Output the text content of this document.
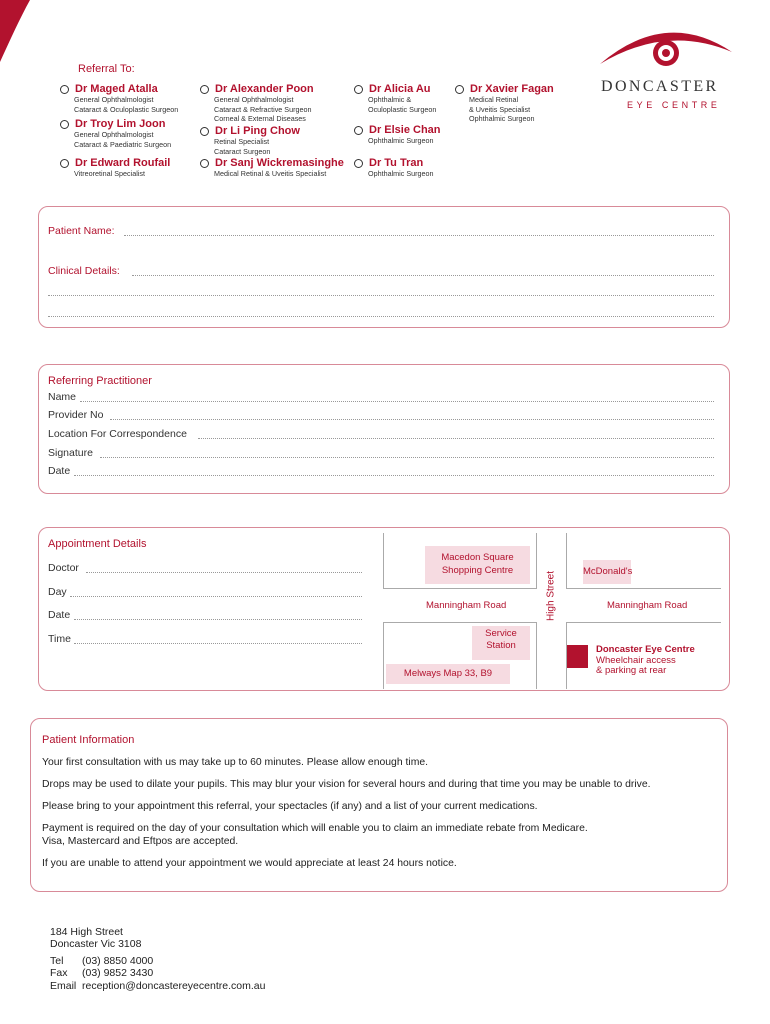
Referral To:
Dr Maged Atalla
General Ophthalmologist
Cataract & Oculoplastic Surgeon
Dr Troy Lim Joon
General Ophthalmologist
Cataract & Paediatric Surgeon
Dr Edward Roufail
Vitreoretinal Specialist
Dr Alexander Poon
General Ophthalmologist
Cataract & Refractive Surgeon
Corneal & External Diseases
Dr Li Ping Chow
Retinal Specialist
Cataract Surgeon
Dr Sanj Wickremasinghe
Medical Retinal & Uveitis Specialist
Dr Alicia Au
Ophthalmic &
Oculoplastic Surgeon
Dr Elsie Chan
Ophthalmic Surgeon
Dr Tu Tran
Ophthalmic Surgeon
Dr Xavier Fagan
Medical Retinal
& Uveitis Specialist
Ophthalmic Surgeon
DONCASTER
EYE CENTRE
Patient Name:
Clinical Details:
Referring Practitioner
Name
Provider No
Location For Correspondence
Signature
Date
Appointment Details
Doctor
Day
Date
Time
Macedon Square Shopping Centre	McDonald's
Service Station
Melways Map 33, B9
Manningham Road	Manningham Road
High Street
Doncaster Eye Centre
Wheelchair access
& parking at rear
Patient Information
Your first consultation with us may take up to 60 minutes. Please allow enough time.
Drops may be used to dilate your pupils. This may blur your vision for several hours and during that time you may be unable to drive.
Please bring to your appointment this referral, your spectacles (if any) and a list of your current medications.
Payment is required on the day of your consultation which will enable you to claim an immediate rebate from Medicare.
Visa, Mastercard and Eftpos are accepted.
If you are unable to attend your appointment we would appreciate at least 24 hours notice.
184 High Street
Doncaster Vic 3108
Tel (03) 8850 4000
Fax (03) 9852 3430
Email reception@doncastereyecentre.com.au
